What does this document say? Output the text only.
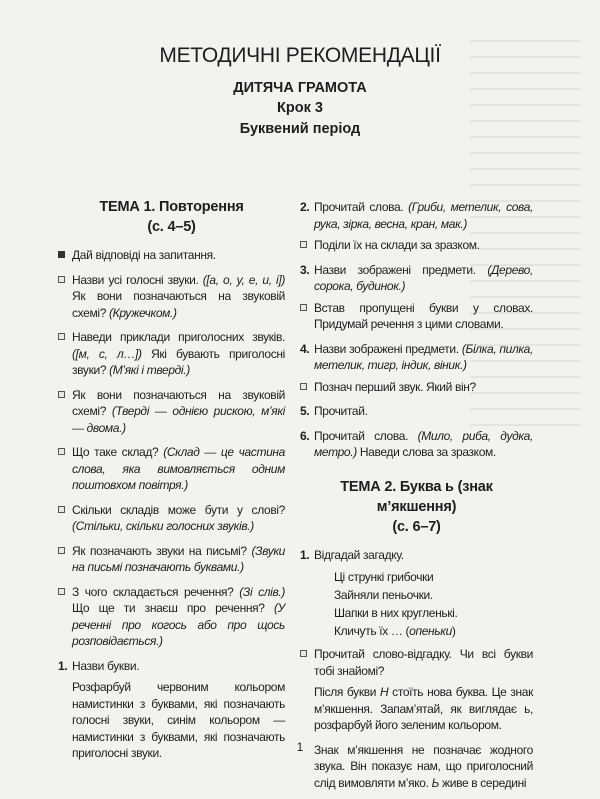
МЕТОДИЧНІ РЕКОМЕНДАЦІЇ
ДИТЯЧА ГРАМОТА
Крок 3
Буквений період
ТЕМА 1. Повторення
(с. 4–5)
Дай відповіді на запитання.
Назви усі голосні звуки. ([а, о, у, е, и, і]) Як вони позначаються на звуковій схемі? (Кружечком.)
Наведи приклади приголосних звуків. ([м, с, л…]) Які бувають приголосні звуки? (М’які і тверді.)
Як вони позначаються на звуковій схемі? (Тверді — однією рискою, м’які — двома.)
Що таке склад? (Склад — це частина слова, яка вимовляється одним поштовхом повітря.)
Скільки складів може бути у слові? (Стільки, скільки голосних звуків.)
Як позначають звуки на письмі? (Звуки на письмі позначають буквами.)
З чого складається речення? (Зі слів.) Що ще ти знаєш про речення? (У реченні про когось або про щось розповідається.)
1. Назви букви.
Розфарбуй червоним кольором намистинки з буквами, які позначають голосні звуки, синім кольором — намистинки з буквами, які позначають приголосні звуки.
2. Прочитай слова. (Гриби, метелик, сова, рука, зірка, весна, кран, мак.)
Поділи їх на склади за зразком.
3. Назви зображені предмети. (Дерево, сорока, будинок.)
Встав пропущені букви у словах. Придумай речення з цими словами.
4. Назви зображені предмети. (Білка, пилка, метелик, тигр, індик, віник.)
Познач перший звук. Який він?
5. Прочитай.
6. Прочитай слова. (Мило, риба, дудка, метро.) Наведи слова за зразком.
ТЕМА 2. Буква ь (знак м’якшення)
(с. 6–7)
1. Відгадай загадку.
Ці стрункі грибочки
Зайняли пеньочки.
Шапки в них кругленькі.
Кличуть їх … (опеньки)
Прочитай слово-відгадку. Чи всі букви тобі знайомі?
Після букви Н стоїть нова буква. Це знак м’якшення. Запам’ятай, як виглядає ь, розфарбуй його зеленим кольором.
Знак м’якшення не позначає жодного звука. Він показує нам, що приголосний слід вимовляти м’яко. Ь живе в середині
1
